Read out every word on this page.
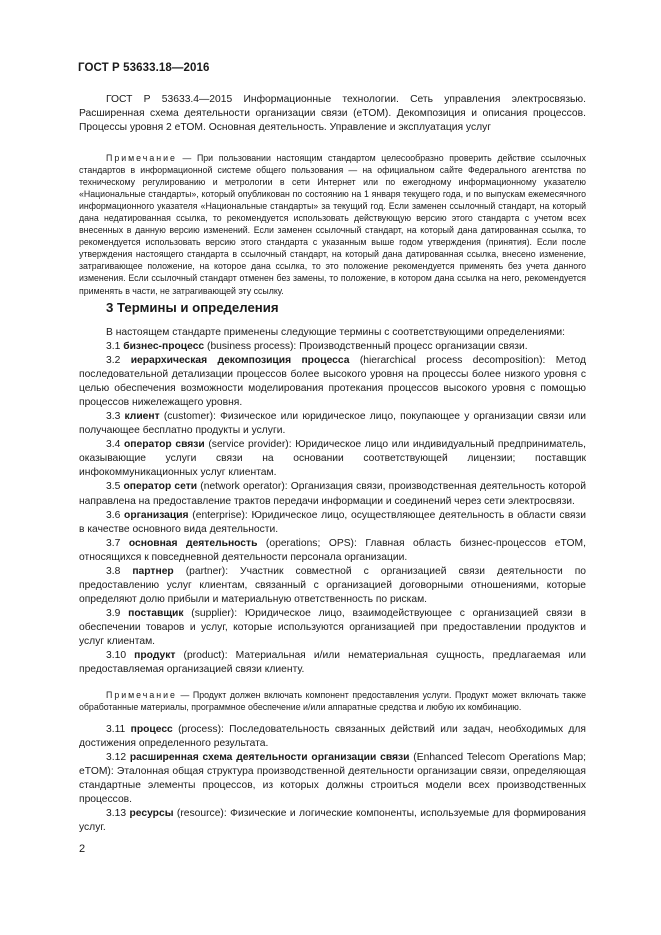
ГОСТ Р 53633.18—2016

ГОСТ Р 53633.4—2015 Информационные технологии. Сеть управления электросвязью. Расширенная схема деятельности организации связи (eTOM). Декомпозиция и описания процессов. Процессы уровня 2 eTOM. Основная деятельность. Управление и эксплуатация услуг

Примечание — При пользовании настоящим стандартом целесообразно проверить действие ссылочных стандартов в информационной системе общего пользования — на официальном сайте Федерального агентства по техническому регулированию и метрологии в сети Интернет или по ежегодному информационному указателю «Национальные стандарты», который опубликован по состоянию на 1 января текущего года, и по выпускам ежемесячного информационного указателя «Национальные стандарты» за текущий год. Если заменен ссылочный стандарт, на который дана недатированная ссылка, то рекомендуется использовать действующую версию этого стандарта с учетом всех внесенных в данную версию изменений. Если заменен ссылочный стандарт, на который дана датированная ссылка, то рекомендуется использовать версию этого стандарта с указанным выше годом утверждения (принятия). Если после утверждения настоящего стандарта в ссылочный стандарт, на который дана датированная ссылка, внесено изменение, затрагивающее положение, на которое дана ссылка, то это положение рекомендуется применять без учета данного изменения. Если ссылочный стандарт отменен без замены, то положение, в котором дана ссылка на него, рекомендуется применять в части, не затрагивающей эту ссылку.

3 Термины и определения

В настоящем стандарте применены следующие термины с соответствующими определениями:

3.1 бизнес-процесс (business process): Производственный процесс организации связи.

3.2 иерархическая декомпозиция процесса (hierarchical process decomposition): Метод последовательной детализации процессов более высокого уровня на процессы более низкого уровня с целью обеспечения возможности моделирования протекания процессов высокого уровня с помощью процессов нижележащего уровня.

3.3 клиент (customer): Физическое или юридическое лицо, покупающее у организации связи или получающее бесплатно продукты и услуги.

3.4 оператор связи (service provider): Юридическое лицо или индивидуальный предприниматель, оказывающие услуги связи на основании соответствующей лицензии; поставщик инфокоммуникационных услуг клиентам.

3.5 оператор сети (network operator): Организация связи, производственная деятельность которой направлена на предоставление трактов передачи информации и соединений через сети электросвязи.

3.6 организация (enterprise): Юридическое лицо, осуществляющее деятельность в области связи в качестве основного вида деятельности.

3.7 основная деятельность (operations; OPS): Главная область бизнес-процессов eTOM, относящихся к повседневной деятельности персонала организации.

3.8 партнер (partner): Участник совместной с организацией связи деятельности по предоставлению услуг клиентам, связанный с организацией договорными отношениями, которые определяют долю прибыли и материальную ответственность по рискам.

3.9 поставщик (supplier): Юридическое лицо, взаимодействующее с организацией связи в обеспечении товаров и услуг, которые используются организацией при предоставлении продуктов и услуг клиентам.

3.10 продукт (product): Материальная и/или нематериальная сущность, предлагаемая или предоставляемая организацией связи клиенту.

Примечание — Продукт должен включать компонент предоставления услуги. Продукт может включать также обработанные материалы, программное обеспечение и/или аппаратные средства и любую их комбинацию.

3.11 процесс (process): Последовательность связанных действий или задач, необходимых для достижения определенного результата.

3.12 расширенная схема деятельности организации связи (Enhanced Telecom Operations Map; eTOM): Эталонная общая структура производственной деятельности организации связи, определяющая стандартные элементы процессов, из которых должны строиться модели всех производственных процессов.

3.13 ресурсы (resource): Физические и логические компоненты, используемые для формирования услуг.

2
